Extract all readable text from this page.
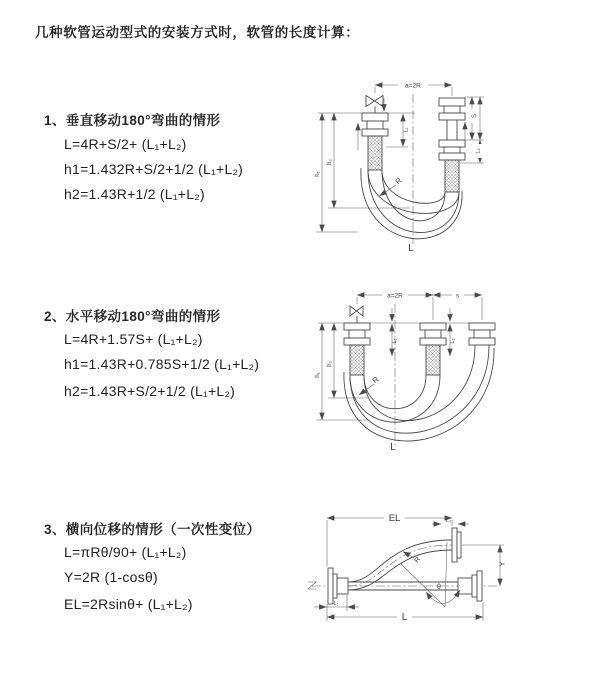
几种软管运动型式的安装方式时，软管的长度计算：
1、垂直移动180°弯曲的情形
L=4R+S/2+ (L₁+L₂)
h1=1.432R+S/2+1/2 (L₁+L₂)
h2=1.43R+1/2 (L₁+L₂)
2、水平移动180°弯曲的情形
L=4R+1.57S+ (L₁+L₂)
h1=1.43R+0.785S+1/2 (L₁+L₂)
h2=1.43R+S/2+1/2 (L₁+L₂)
3、横向位移的情形（一次性变位）
L=πRθ/90+ (L₁+L₂)
Y=2R (1-cosθ)
EL=2Rsinθ+ (L₁+L₂)
a=2R
h₁
h₂
L₁
S
L₂
R
L
a=2R	s
h₁
h₂
L₁	L₂
R
L
EL	L₂
Y
R
θ
L₁
L
